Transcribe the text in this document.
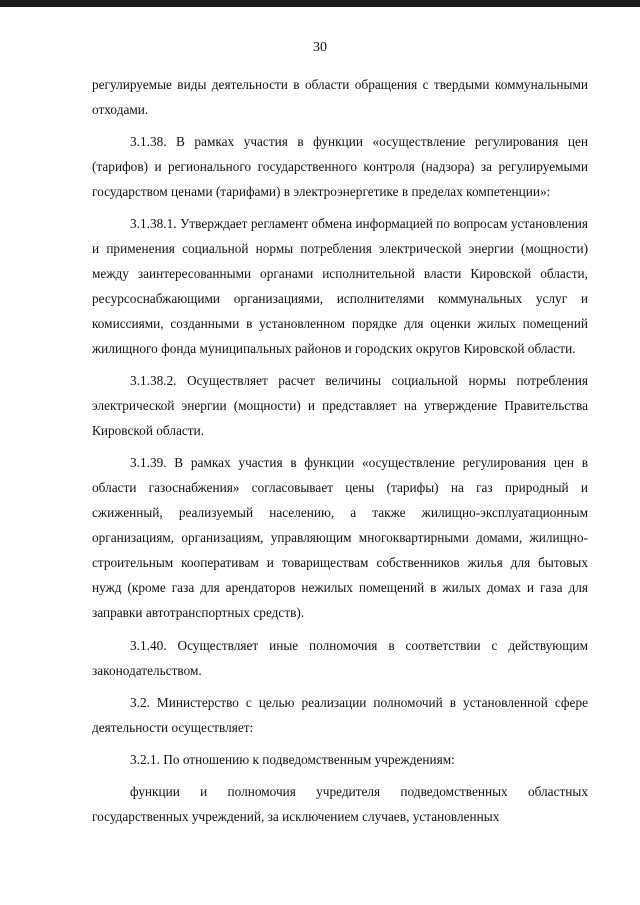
30

регулируемые виды деятельности в области обращения с твердыми коммунальными отходами.

3.1.38. В рамках участия в функции «осуществление регулирования цен (тарифов) и регионального государственного контроля (надзора) за регулируемыми государством ценами (тарифами) в электроэнергетике в пределах компетенции»:

3.1.38.1. Утверждает регламент обмена информацией по вопросам установления и применения социальной нормы потребления электрической энергии (мощности) между заинтересованными органами исполнительной власти Кировской области, ресурсоснабжающими организациями, исполнителями коммунальных услуг и комиссиями, созданными в установленном порядке для оценки жилых помещений жилищного фонда муниципальных районов и городских округов Кировской области.

3.1.38.2. Осуществляет расчет величины социальной нормы потребления электрической энергии (мощности) и представляет на утверждение Правительства Кировской области.

3.1.39. В рамках участия в функции «осуществление регулирования цен в области газоснабжения» согласовывает цены (тарифы) на газ природный и сжиженный, реализуемый населению, а также жилищно-эксплуатационным организациям, организациям, управляющим многоквартирными домами, жилищно-строительным кооперативам и товариществам собственников жилья для бытовых нужд (кроме газа для арендаторов нежилых помещений в жилых домах и газа для заправки автотранспортных средств).

3.1.40. Осуществляет иные полномочия в соответствии с действующим законодательством.

3.2. Министерство с целью реализации полномочий в установленной сфере деятельности осуществляет:

3.2.1. По отношению к подведомственным учреждениям:

функции и полномочия учредителя подведомственных областных государственных учреждений, за исключением случаев, установленных
